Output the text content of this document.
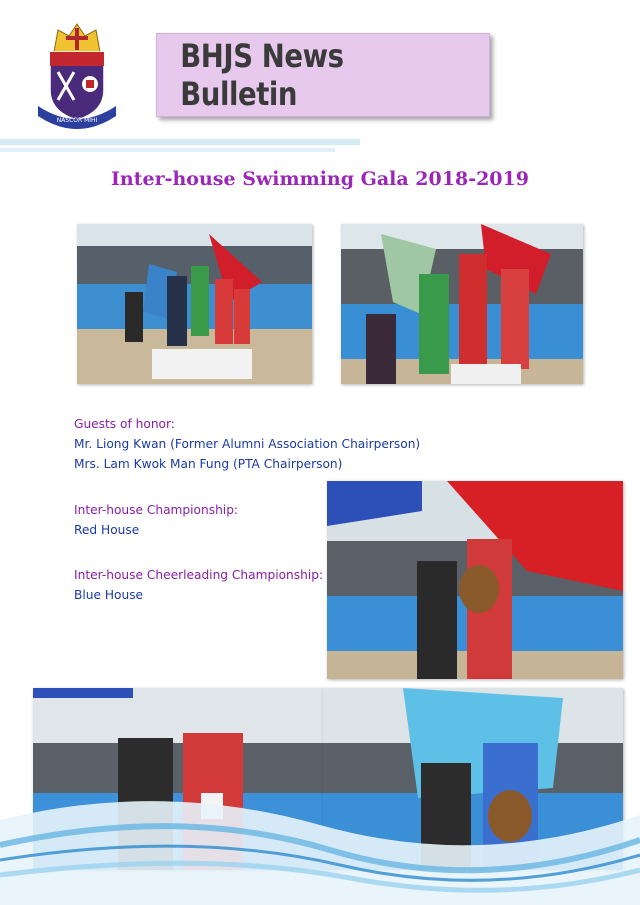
NASCOR MIHI
BHJS News Bulletin
Inter-house Swimming Gala 2018-2019
Guests of honor:
Mr. Liong Kwan (Former Alumni Association Chairperson)
Mrs. Lam Kwok Man Fung (PTA Chairperson)
Inter-house Championship:
Red House
Inter-house Cheerleading Championship:
Blue House
